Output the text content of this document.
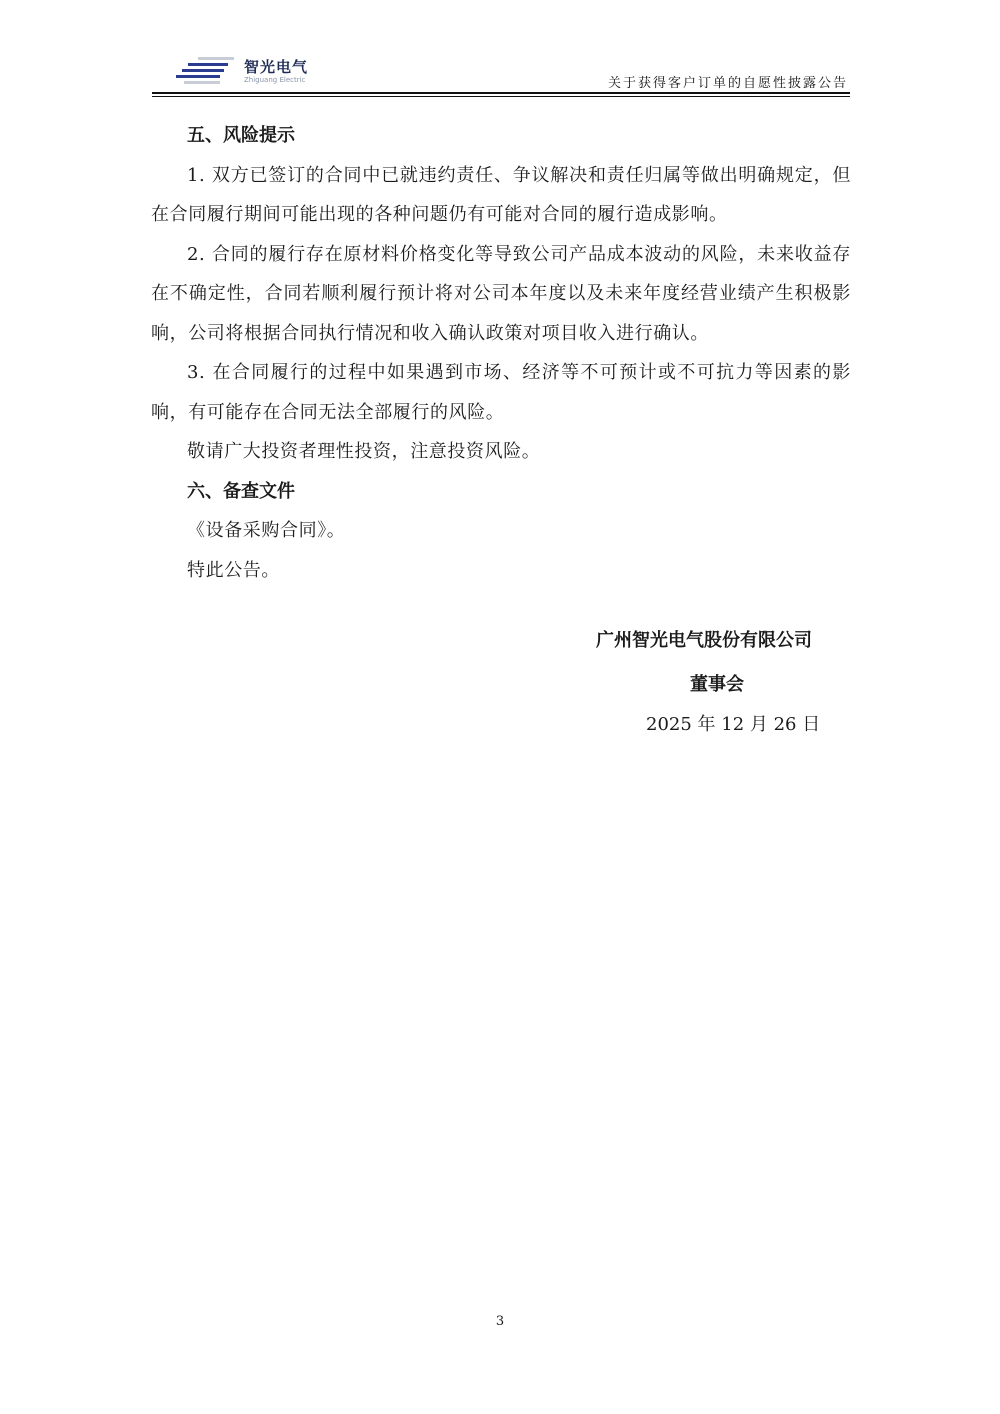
智光电气
Zhiguang Electric	关于获得客户订单的自愿性披露公告

五、风险提示

1. 双方已签订的合同中已就违约责任、争议解决和责任归属等做出明确规定，但在合同履行期间可能出现的各种问题仍有可能对合同的履行造成影响。

2. 合同的履行存在原材料价格变化等导致公司产品成本波动的风险，未来收益存在不确定性，合同若顺利履行预计将对公司本年度以及未来年度经营业绩产生积极影响，公司将根据合同执行情况和收入确认政策对项目收入进行确认。

3. 在合同履行的过程中如果遇到市场、经济等不可预计或不可抗力等因素的影响，有可能存在合同无法全部履行的风险。

敬请广大投资者理性投资，注意投资风险。

六、备查文件

《设备采购合同》。

特此公告。

广州智光电气股份有限公司
董事会
2025 年 12 月 26 日
3
